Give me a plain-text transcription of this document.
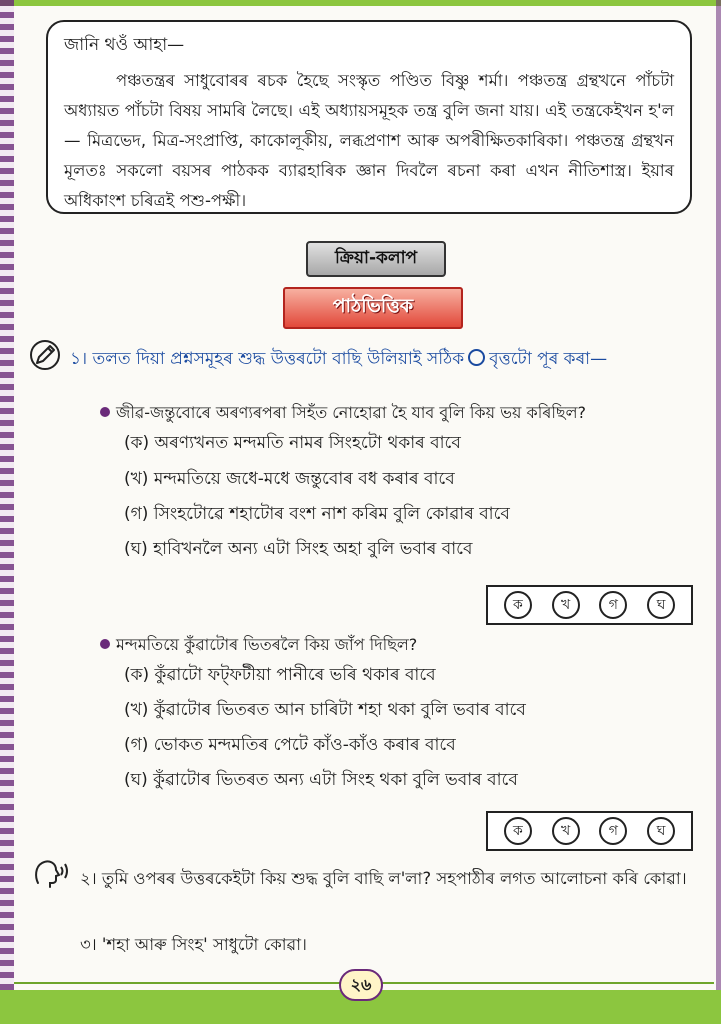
জানি থওঁ আহা—

পঞ্চতন্ত্ৰৰ সাধুবোৰৰ ৰচক হৈছে সংস্কৃত পণ্ডিত বিষ্ণু শৰ্মা। পঞ্চতন্ত্ৰ গ্ৰন্থখনে পাঁচটা অধ্যায়ত পাঁচটা বিষয় সামৰি লৈছে। এই অধ্যায়সমূহক তন্ত্ৰ বুলি জনা যায়। এই তন্ত্ৰকেইখন হ'ল— মিত্ৰভেদ, মিত্ৰ-সংপ্ৰাপ্তি, কাকোলূকীয়, লব্ধপ্ৰণাশ আৰু অপৰীক্ষিতকাৰিকা। পঞ্চতন্ত্ৰ গ্ৰন্থখন মূলতঃ সকলো বয়সৰ পাঠকক ব্যাৱহাৰিক জ্ঞান দিবলৈ ৰচনা কৰা এখন নীতিশাস্ত্ৰ। ইয়াৰ অধিকাংশ চৰিত্ৰই পশু-পক্ষী।

ক্ৰিয়া-কলাপ
পাঠভিত্তিক
১। তলত দিয়া প্ৰশ্নসমূহৰ শুদ্ধ উত্তৰটো বাছি উলিয়াই সঠিক বৃত্তটো পূৰ কৰা—
জীৱ-জন্তুবোৰে অৰণ্যৰপৰা সিহঁত নোহোৱা হৈ যাব বুলি কিয় ভয় কৰিছিল?
(ক) অৰণ্যখনত মন্দমতি নামৰ সিংহটো থকাৰ বাবে
(খ) মন্দমতিয়ে জধে-মধে জন্তুবোৰ বধ কৰাৰ বাবে
(গ) সিংহটোৱে শহাটোৰ বংশ নাশ কৰিম বুলি কোৱাৰ বাবে
(ঘ) হাবিখনলৈ অন্য এটা সিংহ অহা বুলি ভবাৰ বাবে
ক	খ	গ	ঘ
মন্দমতিয়ে কুঁৱাটোৰ ভিতৰলৈ কিয় জাঁপ দিছিল?
(ক) কুঁৱাটো ফট্‌ফটীয়া পানীৰে ভৰি থকাৰ বাবে
(খ) কুঁৱাটোৰ ভিতৰত আন চাৰিটা শহা থকা বুলি ভবাৰ বাবে
(গ) ভোকত মন্দমতিৰ পেটে কাঁও-কাঁও কৰাৰ বাবে
(ঘ) কুঁৱাটোৰ ভিতৰত অন্য এটা সিংহ থকা বুলি ভবাৰ বাবে
ক	খ	গ	ঘ
২। তুমি ওপৰৰ উত্তৰকেইটা কিয় শুদ্ধ বুলি বাছি ল'লা? সহপাঠীৰ লগত আলোচনা কৰি কোৱা।
৩। 'শহা আৰু সিংহ' সাধুটো কোৱা।
২৬
